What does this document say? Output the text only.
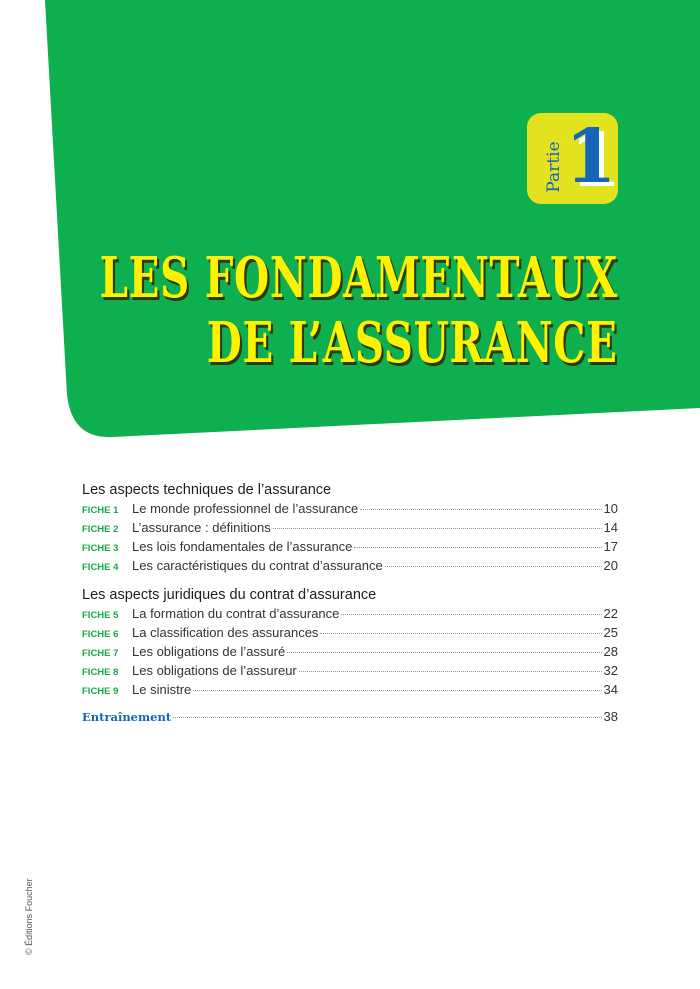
Partie 1
LES FONDAMENTAUX
DE L’ASSURANCE
Les aspects techniques de l’assurance
FICHE 1	Le monde professionnel de l’assurance	10
FICHE 2	L’assurance : définitions	14
FICHE 3	Les lois fondamentales de l’assurance	17
FICHE 4	Les caractéristiques du contrat d’assurance	20
Les aspects juridiques du contrat d’assurance
FICHE 5	La formation du contrat d’assurance	22
FICHE 6	La classification des assurances	25
FICHE 7	Les obligations de l’assuré	28
FICHE 8	Les obligations de l’assureur	32
FICHE 9	Le sinistre	34
Entraînement	38
© Éditions Foucher
